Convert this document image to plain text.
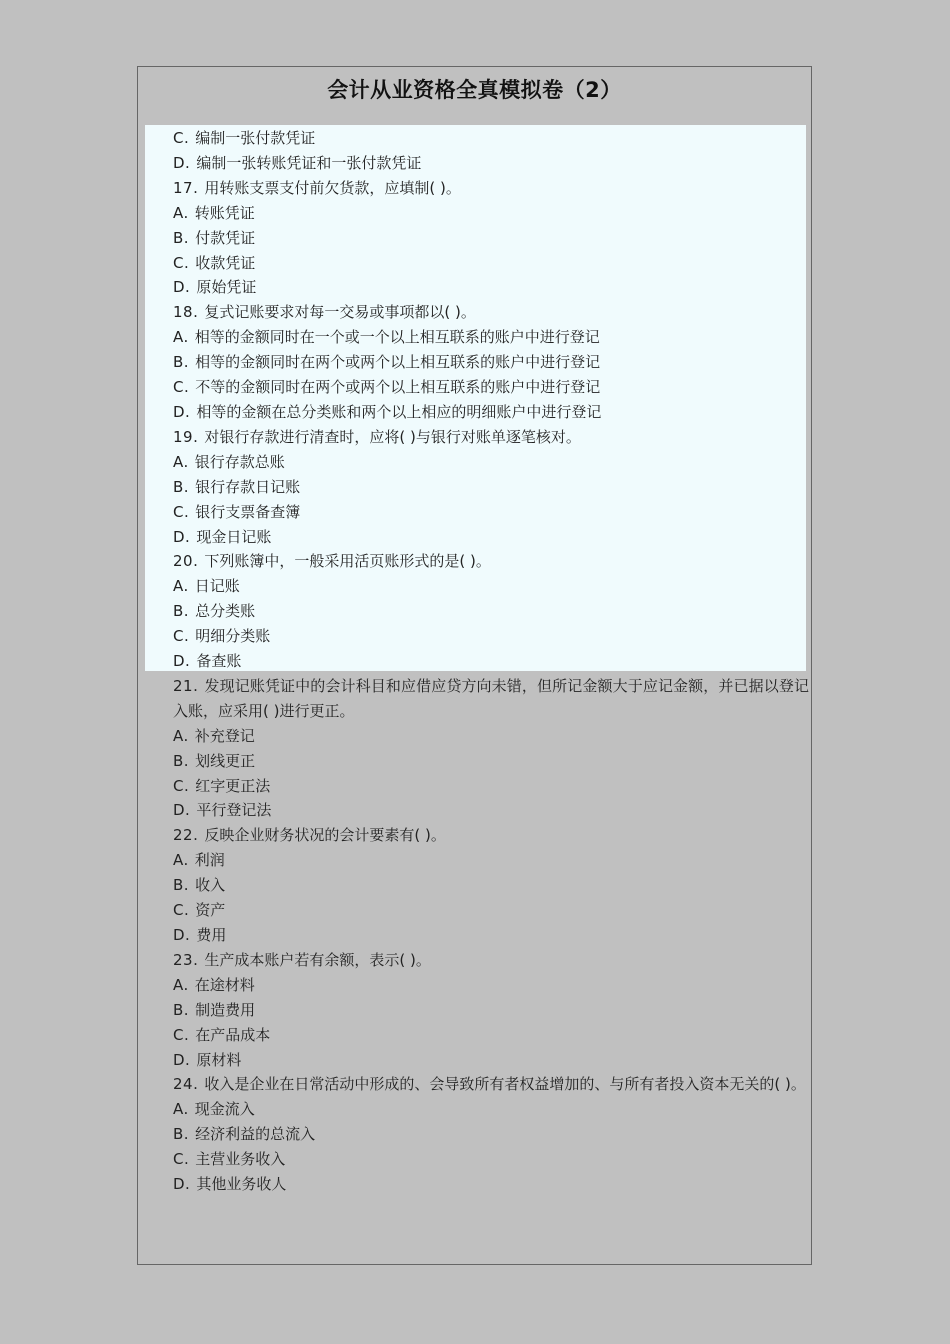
会计从业资格全真模拟卷（2）
C. 编制一张付款凭证
D. 编制一张转账凭证和一张付款凭证
17. 用转账支票支付前欠货款，应填制( )。
A. 转账凭证
B. 付款凭证
C. 收款凭证
D. 原始凭证
18. 复式记账要求对每一交易或事项都以( )。
A. 相等的金额同时在一个或一个以上相互联系的账户中进行登记
B. 相等的金额同时在两个或两个以上相互联系的账户中进行登记
C. 不等的金额同时在两个或两个以上相互联系的账户中进行登记
D. 相等的金额在总分类账和两个以上相应的明细账户中进行登记
19. 对银行存款进行清查时，应将( )与银行对账单逐笔核对。
A. 银行存款总账
B. 银行存款日记账
C. 银行支票备查簿
D. 现金日记账
20. 下列账簿中，一般采用活页账形式的是( )。
A. 日记账
B. 总分类账
C. 明细分类账
D. 备查账
21. 发现记账凭证中的会计科目和应借应贷方向未错，但所记金额大于应记金额，并已据以登记入账，应采用( )进行更正。
A. 补充登记
B. 划线更正
C. 红字更正法
D. 平行登记法
22. 反映企业财务状况的会计要素有( )。
A. 利润
B. 收入
C. 资产
D. 费用
23. 生产成本账户若有余额，表示( )。
A. 在途材料
B. 制造费用
C. 在产品成本
D. 原材料
24. 收入是企业在日常活动中形成的、会导致所有者权益增加的、与所有者投入资本无关的( )。
A. 现金流入
B. 经济利益的总流入
C. 主营业务收入
D. 其他业务收人
